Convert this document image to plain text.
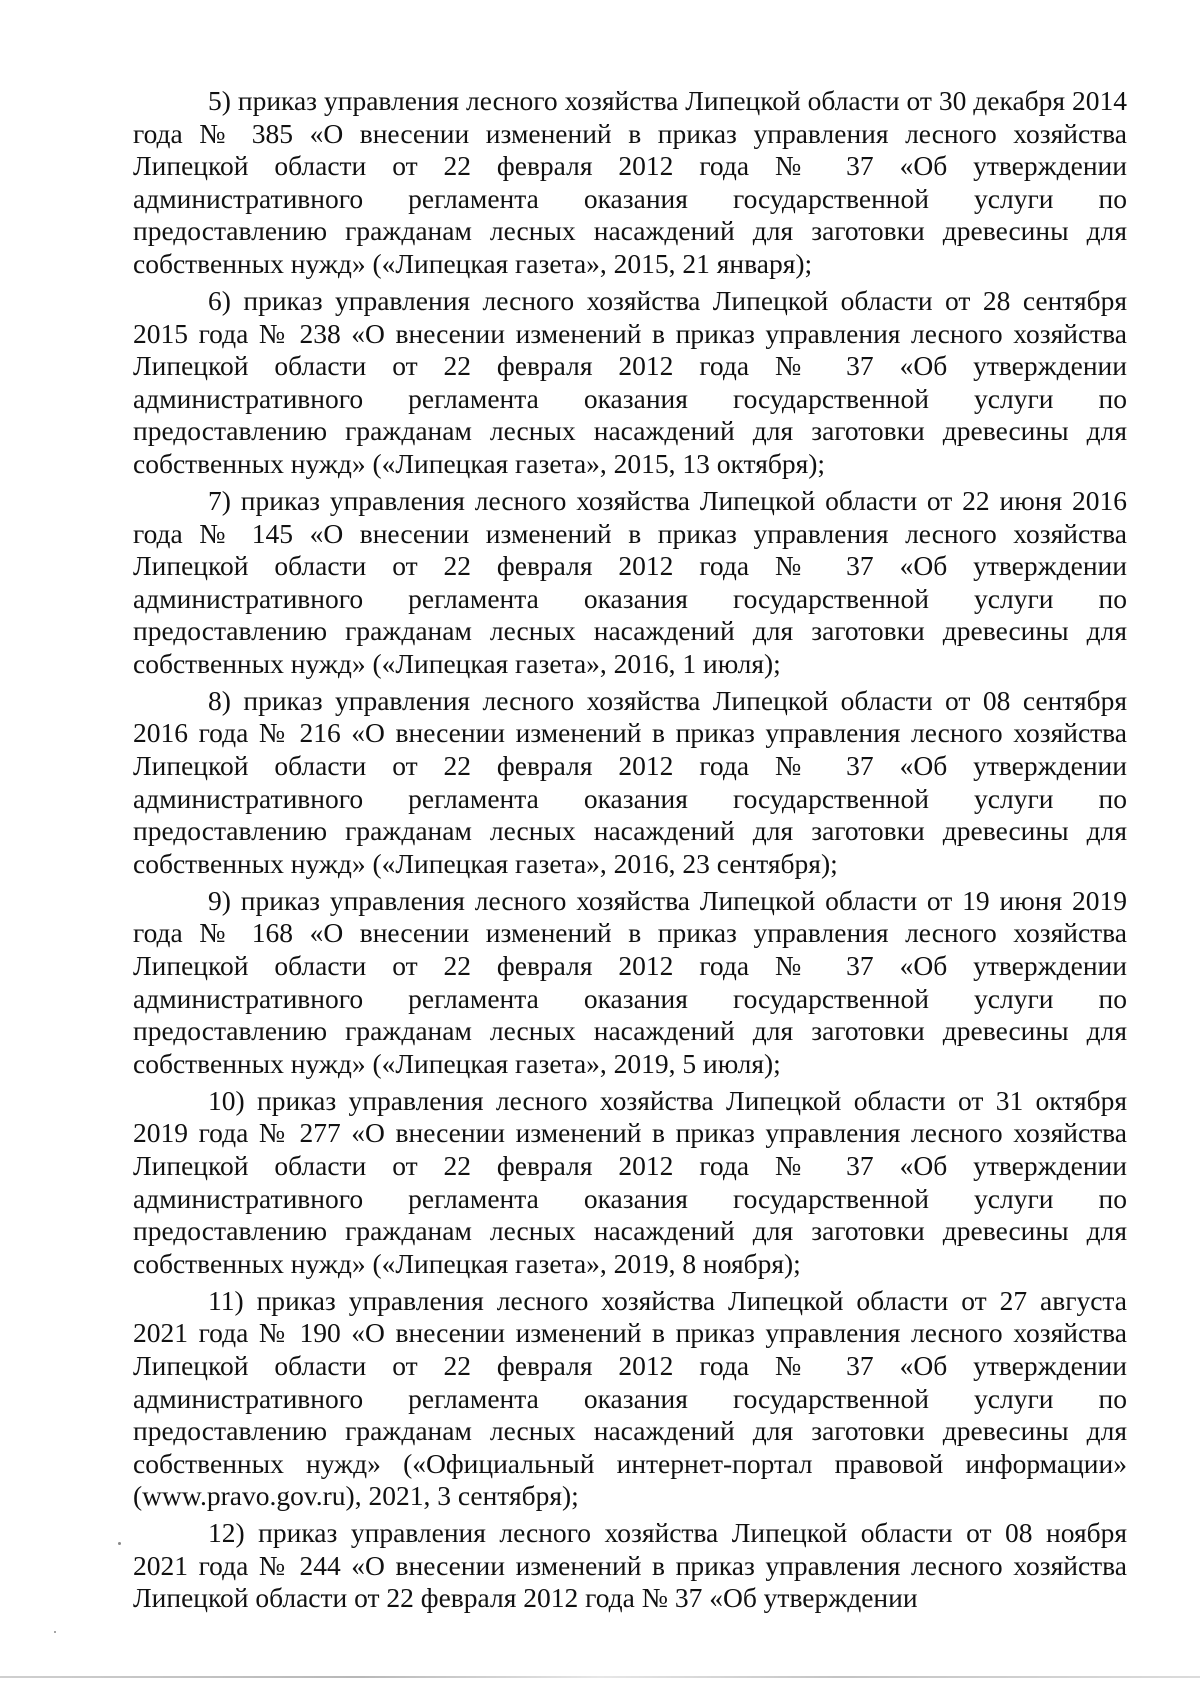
5) приказ управления лесного хозяйства Липецкой области от 30 декабря 2014 года № 385 «О внесении изменений в приказ управления лесного хозяйства Липецкой области от 22 февраля 2012 года № 37 «Об утверждении административного регламента оказания государственной услуги по предоставлению гражданам лесных насаждений для заготовки древесины для собственных нужд» («Липецкая газета», 2015, 21 января);

6) приказ управления лесного хозяйства Липецкой области от 28 сентября 2015 года № 238 «О внесении изменений в приказ управления лесного хозяйства Липецкой области от 22 февраля 2012 года № 37 «Об утверждении административного регламента оказания государственной услуги по предоставлению гражданам лесных насаждений для заготовки древесины для собственных нужд» («Липецкая газета», 2015, 13 октября);

7) приказ управления лесного хозяйства Липецкой области от 22 июня 2016 года № 145 «О внесении изменений в приказ управления лесного хозяйства Липецкой области от 22 февраля 2012 года № 37 «Об утверждении административного регламента оказания государственной услуги по предоставлению гражданам лесных насаждений для заготовки древесины для собственных нужд» («Липецкая газета», 2016, 1 июля);

8) приказ управления лесного хозяйства Липецкой области от 08 сентября 2016 года № 216 «О внесении изменений в приказ управления лесного хозяйства Липецкой области от 22 февраля 2012 года № 37 «Об утверждении административного регламента оказания государственной услуги по предоставлению гражданам лесных насаждений для заготовки древесины для собственных нужд» («Липецкая газета», 2016, 23 сентября);

9) приказ управления лесного хозяйства Липецкой области от 19 июня 2019 года № 168 «О внесении изменений в приказ управления лесного хозяйства Липецкой области от 22 февраля 2012 года № 37 «Об утверждении административного регламента оказания государственной услуги по предоставлению гражданам лесных насаждений для заготовки древесины для собственных нужд» («Липецкая газета», 2019, 5 июля);

10) приказ управления лесного хозяйства Липецкой области от 31 октября 2019 года № 277 «О внесении изменений в приказ управления лесного хозяйства Липецкой области от 22 февраля 2012 года № 37 «Об утверждении административного регламента оказания государственной услуги по предоставлению гражданам лесных насаждений для заготовки древесины для собственных нужд» («Липецкая газета», 2019, 8 ноября);

11) приказ управления лесного хозяйства Липецкой области от 27 августа 2021 года № 190 «О внесении изменений в приказ управления лесного хозяйства Липецкой области от 22 февраля 2012 года № 37 «Об утверждении административного регламента оказания государственной услуги по предоставлению гражданам лесных насаждений для заготовки древесины для собственных нужд» («Официальный интернет-портал правовой информации» (www.pravo.gov.ru), 2021, 3 сентября);

12) приказ управления лесного хозяйства Липецкой области от 08 ноября 2021 года № 244 «О внесении изменений в приказ управления лесного хозяйства Липецкой области от 22 февраля 2012 года № 37 «Об утверждении
